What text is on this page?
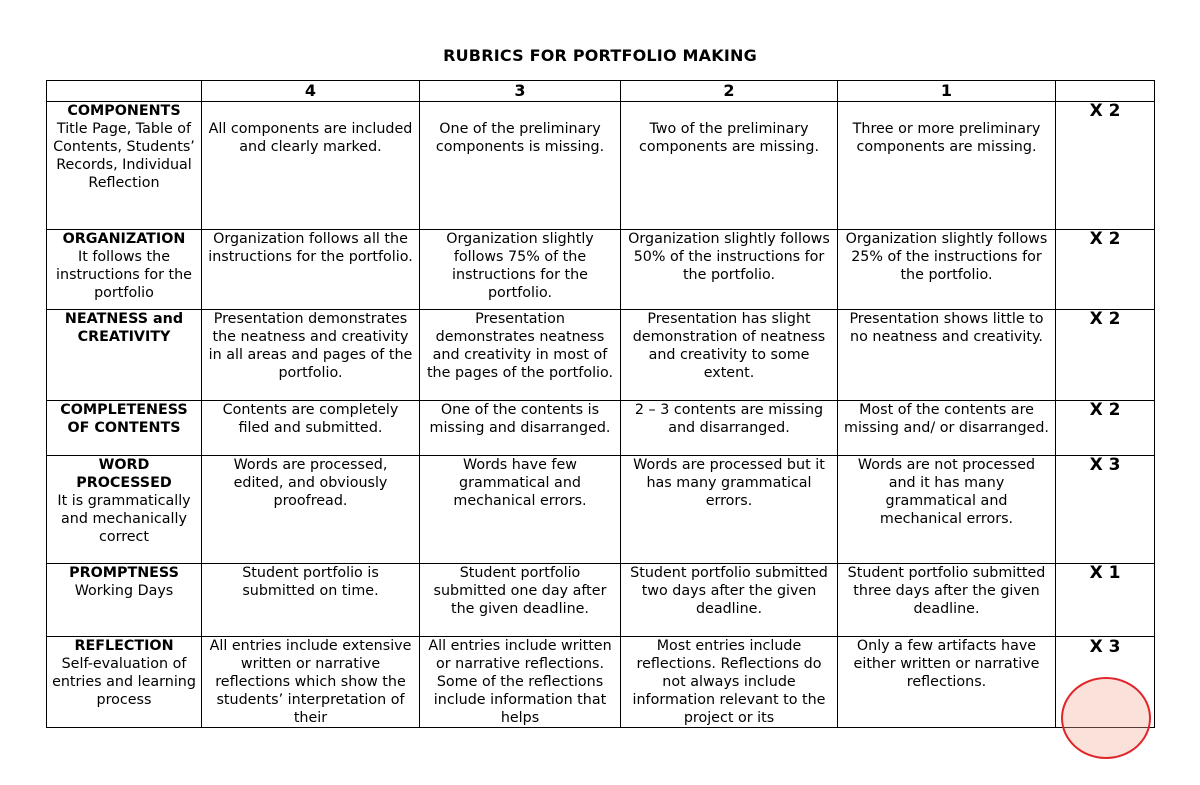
RUBRICS FOR PORTFOLIO MAKING
	4	3	2	1	

COMPONENTS
Title Page, Table of Contents, Students’ Records, Individual Reflection	All components are included and clearly marked.	One of the preliminary components is missing.	Two of the preliminary components are missing.	Three or more preliminary components are missing.	X 2

ORGANIZATION
It follows the instructions for the portfolio	Organization follows all the instructions for the portfolio.	Organization slightly follows 75% of the instructions for the portfolio.	Organization slightly follows 50% of the instructions for the portfolio.	Organization slightly follows 25% of the instructions for the portfolio.	X 2

NEATNESS and CREATIVITY	Presentation demonstrates the neatness and creativity in all areas and pages of the portfolio.	Presentation demonstrates neatness and creativity in most of the pages of the portfolio.	Presentation has slight demonstration of neatness and creativity to some extent.	Presentation shows little to no neatness and creativity.	X 2

COMPLETENESS OF CONTENTS	Contents are completely filed and submitted.	One of the contents is missing and disarranged.	2 – 3 contents are missing and disarranged.	Most of the contents are missing and/ or disarranged.	X 2

WORD PROCESSED
It is grammatically and mechanically correct	Words are processed, edited, and obviously proofread.	Words have few grammatical and mechanical errors.	Words are processed but it has many grammatical errors.	Words are not processed and it has many grammatical and mechanical errors.	X 3

PROMPTNESS
Working Days	Student portfolio is submitted on time.	Student portfolio submitted one day after the given deadline.	Student portfolio submitted two days after the given deadline.	Student portfolio submitted three days after the given deadline.	X 1

REFLECTION
Self-evaluation of entries and learning process	All entries include extensive written or narrative reflections which show the students’ interpretation of their	All entries include written or narrative reflections. Some of the reflections include information that helps	Most entries include reflections. Reflections do not always include information relevant to the project or its	Only a few artifacts have either written or narrative reflections.	X 3
